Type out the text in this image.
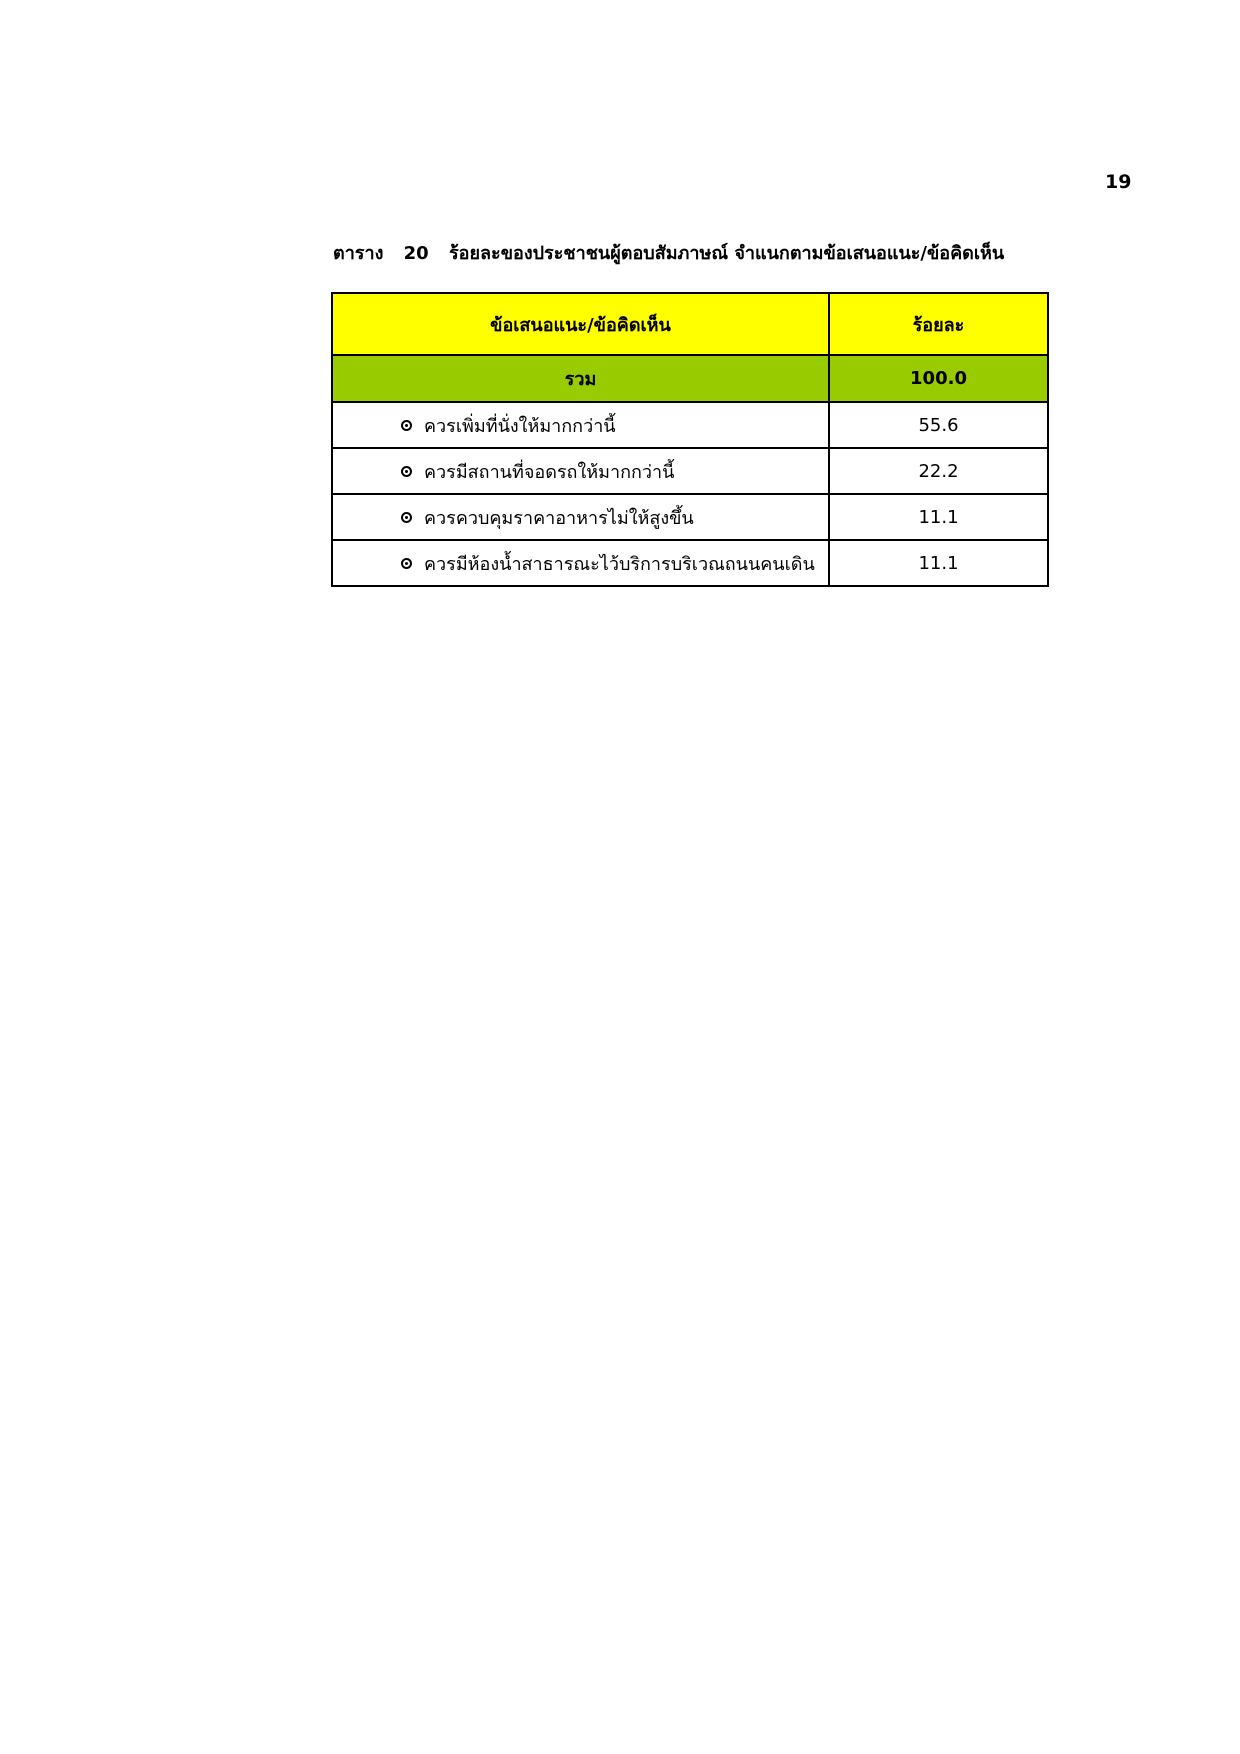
19
ตาราง 20 ร้อยละของประชาชนผู้ตอบสัมภาษณ์ จำแนกตามข้อเสนอแนะ/ข้อคิดเห็น
ข้อเสนอแนะ/ข้อคิดเห็น	ร้อยละ
รวม	100.0
ควรเพิ่มที่นั่งให้มากกว่านี้	55.6
ควรมีสถานที่จอดรถให้มากกว่านี้	22.2
ควรควบคุมราคาอาหารไม่ให้สูงขึ้น	11.1
ควรมีห้องน้ำสาธารณะไว้บริการบริเวณถนนคนเดิน	11.1
